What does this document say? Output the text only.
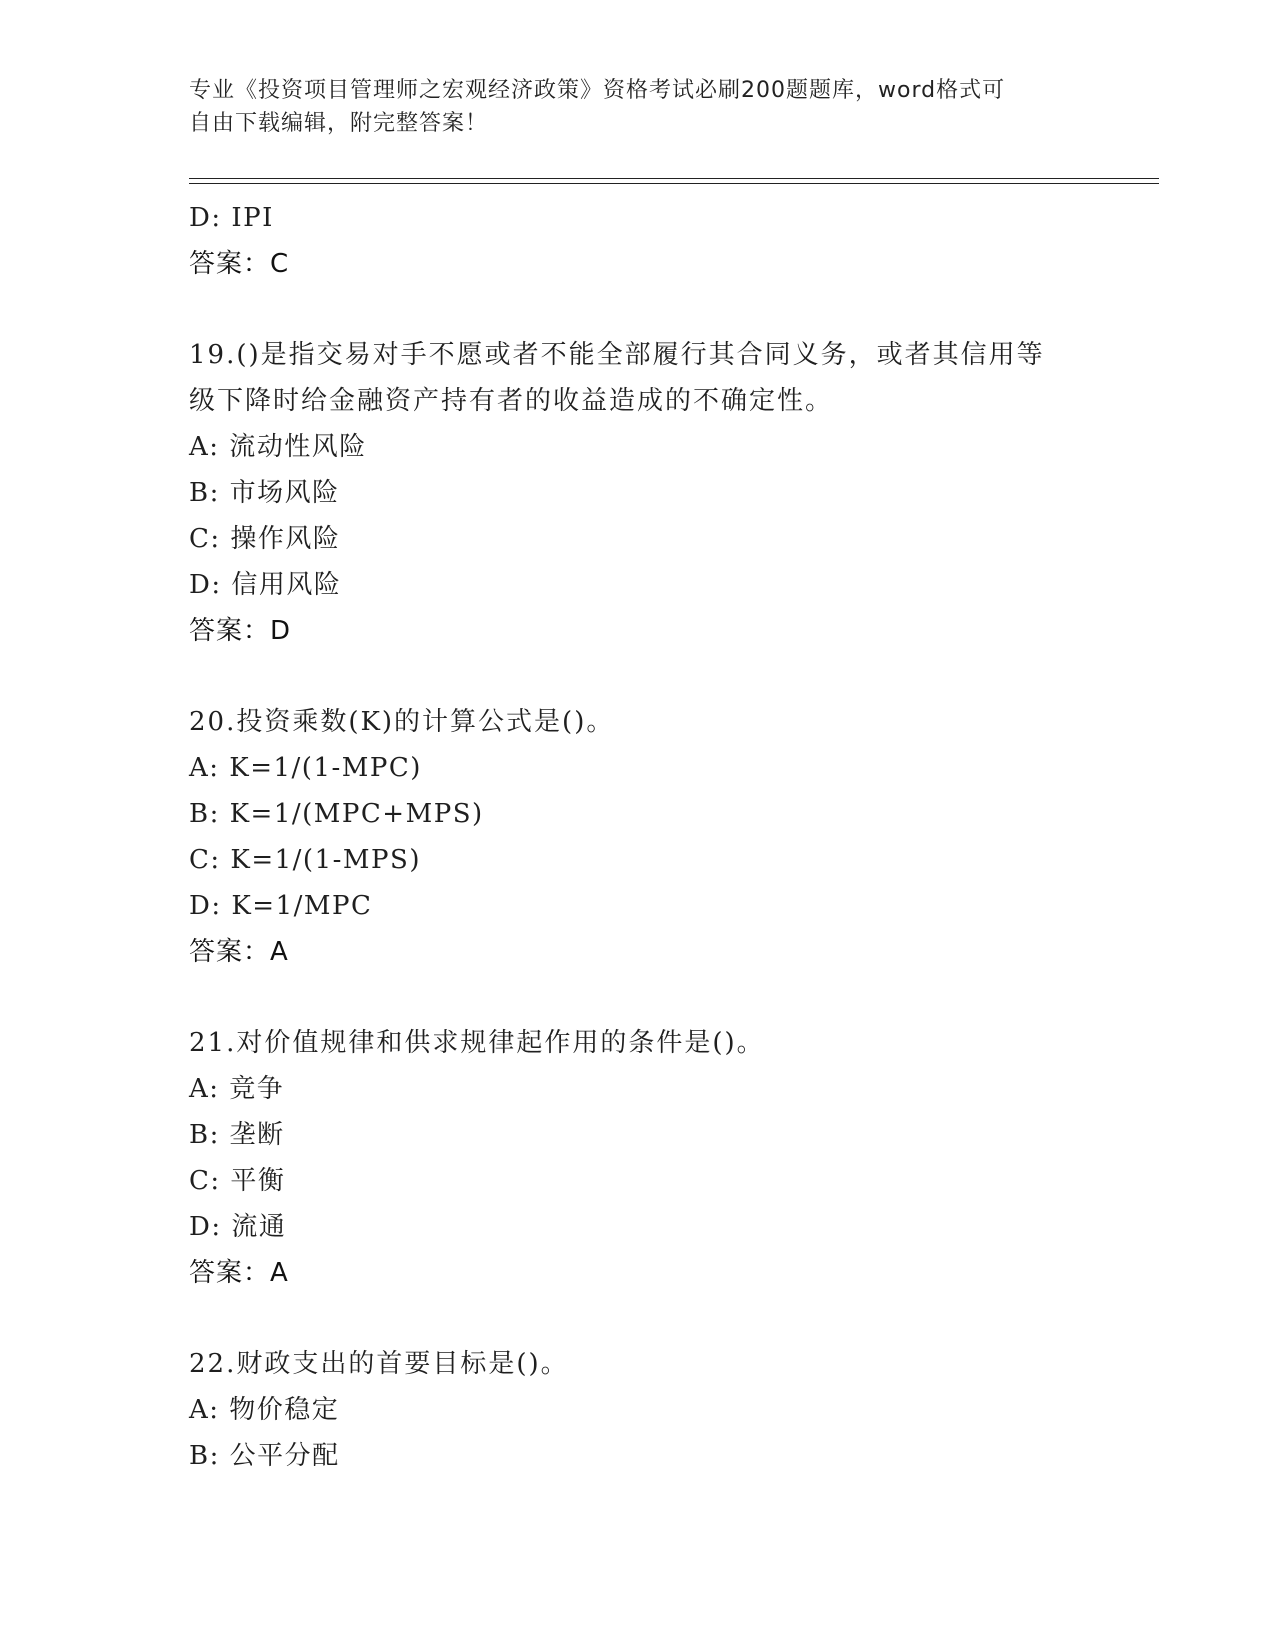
专业《投资项目管理师之宏观经济政策》资格考试必刷200题题库，word格式可
自由下载编辑，附完整答案！
D: IPI
答案：C
19.()是指交易对手不愿或者不能全部履行其合同义务，或者其信用等
级下降时给金融资产持有者的收益造成的不确定性。
A: 流动性风险
B: 市场风险
C: 操作风险
D: 信用风险
答案：D
20.投资乘数(K)的计算公式是()。
A: K=1/(1-MPC)
B: K=1/(MPC+MPS)
C: K=1/(1-MPS)
D: K=1/MPC
答案：A
21.对价值规律和供求规律起作用的条件是()。
A: 竞争
B: 垄断
C: 平衡
D: 流通
答案：A
22.财政支出的首要目标是()。
A: 物价稳定
B: 公平分配
